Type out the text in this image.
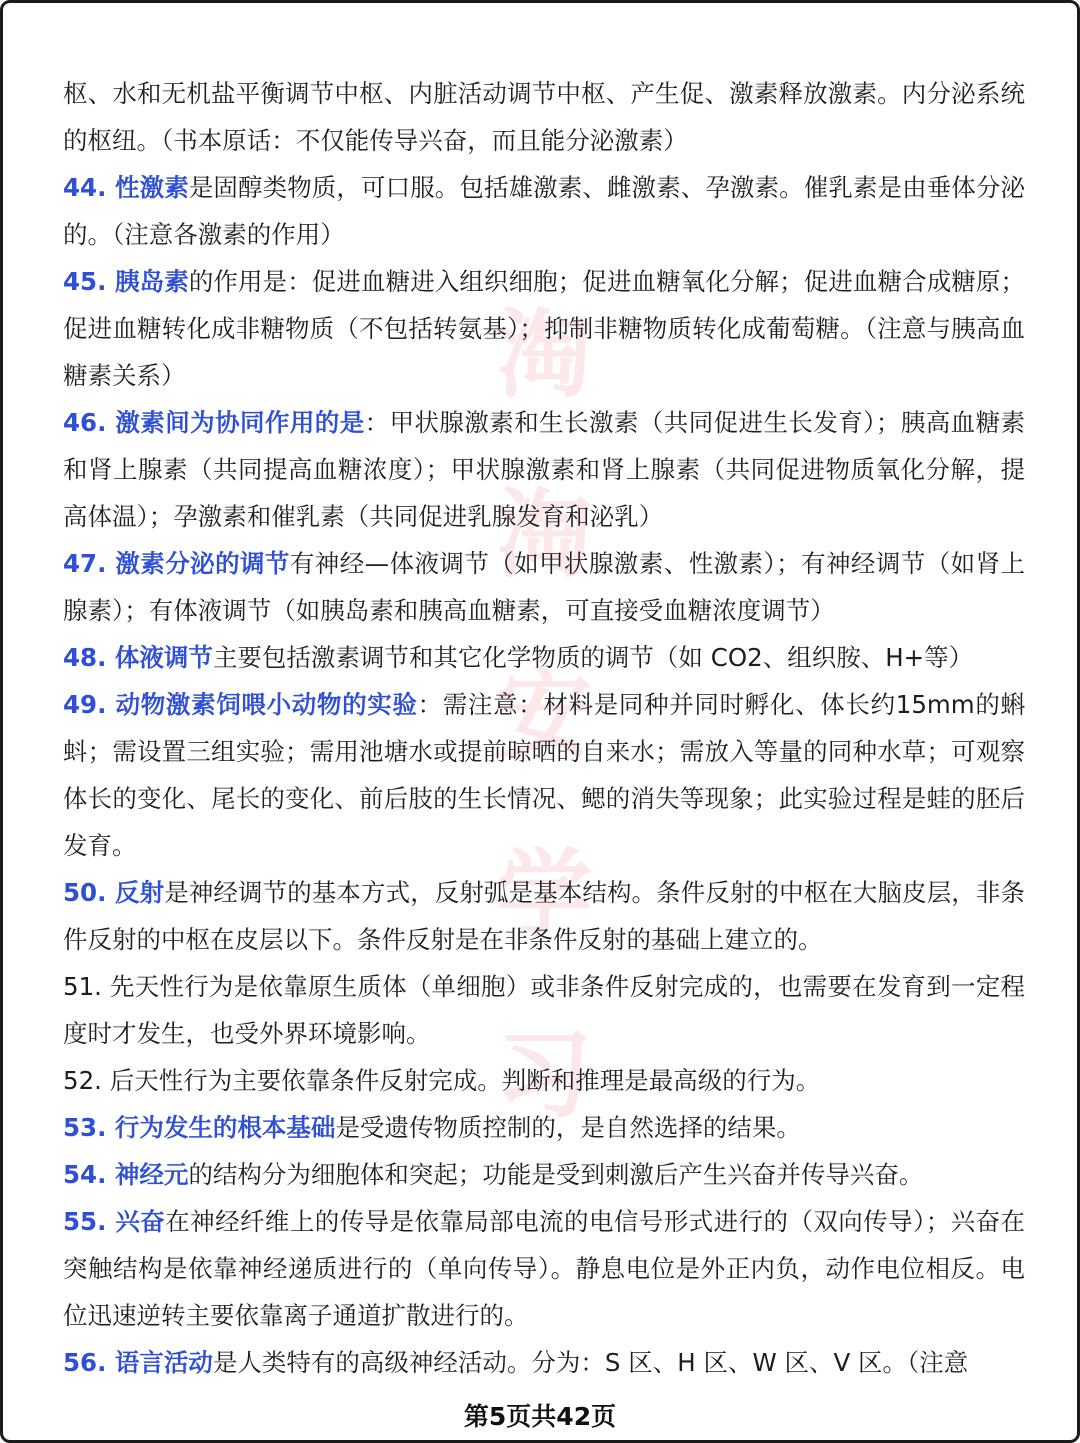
淘
淘
安
学
习

枢、水和无机盐平衡调节中枢、内脏活动调节中枢、产生促、激素释放激素。内分泌系统的枢纽。（书本原话：不仅能传导兴奋，而且能分泌激素）

44. 性激素是固醇类物质，可口服。包括雄激素、雌激素、孕激素。催乳素是由垂体分泌的。（注意各激素的作用）

45. 胰岛素的作用是：促进血糖进入组织细胞；促进血糖氧化分解；促进血糖合成糖原；促进血糖转化成非糖物质（不包括转氨基）；抑制非糖物质转化成葡萄糖。（注意与胰高血糖素关系）

46. 激素间为协同作用的是：甲状腺激素和生长激素（共同促进生长发育）；胰高血糖素和肾上腺素（共同提高血糖浓度）；甲状腺激素和肾上腺素（共同促进物质氧化分解，提高体温）；孕激素和催乳素（共同促进乳腺发育和泌乳）

47. 激素分泌的调节有神经—体液调节（如甲状腺激素、性激素）；有神经调节（如肾上腺素）；有体液调节（如胰岛素和胰高血糖素，可直接受血糖浓度调节）

48. 体液调节主要包括激素调节和其它化学物质的调节（如 CO2、组织胺、H+等）

49. 动物激素饲喂小动物的实验：需注意：材料是同种并同时孵化、体长约15mm的蝌蚪；需设置三组实验；需用池塘水或提前晾晒的自来水；需放入等量的同种水草；可观察体长的变化、尾长的变化、前后肢的生长情况、鳃的消失等现象；此实验过程是蛙的胚后发育。

50. 反射是神经调节的基本方式，反射弧是基本结构。条件反射的中枢在大脑皮层，非条件反射的中枢在皮层以下。条件反射是在非条件反射的基础上建立的。

51. 先天性行为是依靠原生质体（单细胞）或非条件反射完成的，也需要在发育到一定程度时才发生，也受外界环境影响。

52. 后天性行为主要依靠条件反射完成。判断和推理是最高级的行为。

53. 行为发生的根本基础是受遗传物质控制的，是自然选择的结果。

54. 神经元的结构分为细胞体和突起；功能是受到刺激后产生兴奋并传导兴奋。

55. 兴奋在神经纤维上的传导是依靠局部电流的电信号形式进行的（双向传导）；兴奋在突触结构是依靠神经递质进行的（单向传导）。静息电位是外正内负，动作电位相反。电位迅速逆转主要依靠离子通道扩散进行的。

56. 语言活动是人类特有的高级神经活动。分为：S 区、H 区、W 区、V 区。（注意

第5页共42页
